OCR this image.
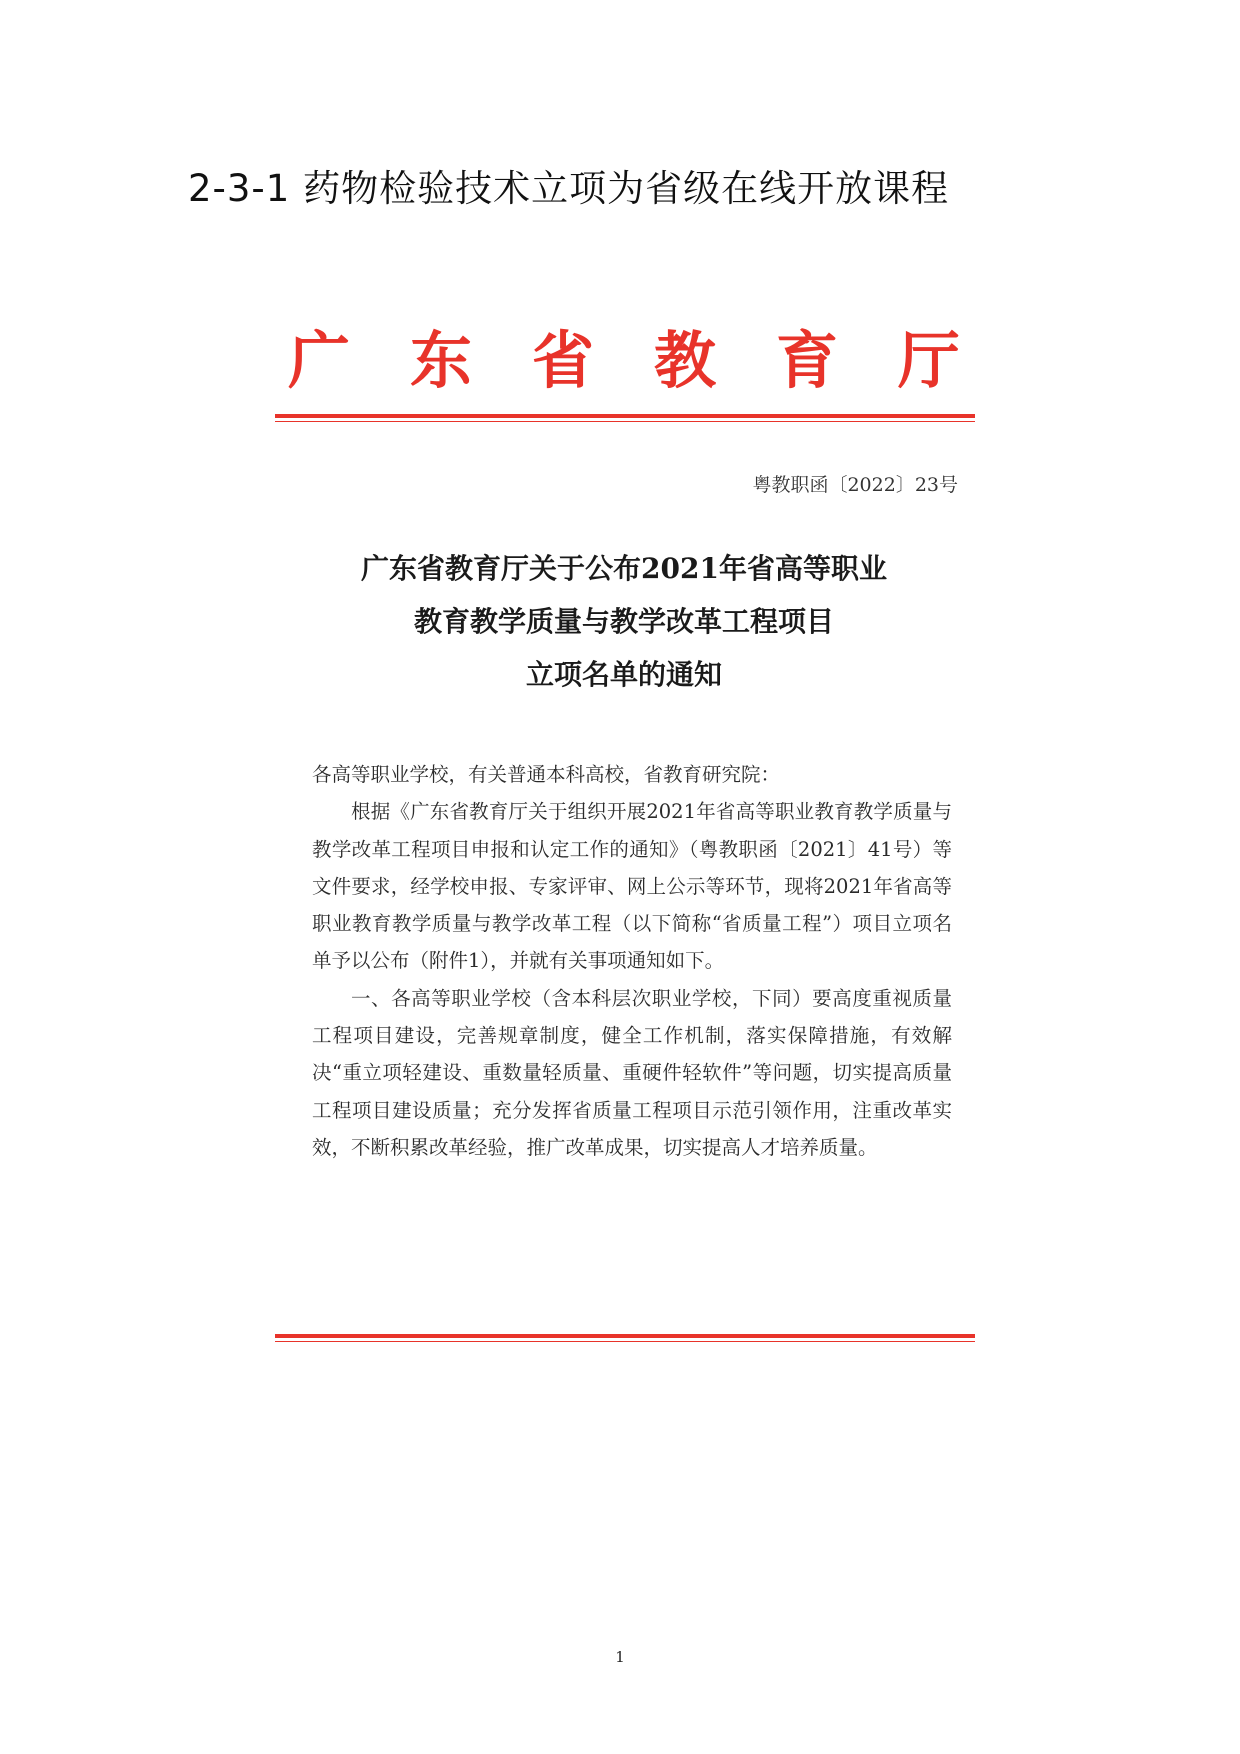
2-3-1 药物检验技术立项为省级在线开放课程
广 东 省 教 育 厅
粤教职函〔2022〕23号
广东省教育厅关于公布2021年省高等职业
教育教学质量与教学改革工程项目
立项名单的通知

各高等职业学校，有关普通本科高校，省教育研究院：

根据《广东省教育厅关于组织开展2021年省高等职业教育教学质量与教学改革工程项目申报和认定工作的通知》（粤教职函〔2021〕41号）等文件要求，经学校申报、专家评审、网上公示等环节，现将2021年省高等职业教育教学质量与教学改革工程（以下简称“省质量工程”）项目立项名单予以公布（附件1），并就有关事项通知如下。

一、各高等职业学校（含本科层次职业学校，下同）要高度重视质量工程项目建设，完善规章制度，健全工作机制，落实保障措施，有效解决“重立项轻建设、重数量轻质量、重硬件轻软件”等问题，切实提高质量工程项目建设质量；充分发挥省质量工程项目示范引领作用，注重改革实效，不断积累改革经验，推广改革成果，切实提高人才培养质量。

1
